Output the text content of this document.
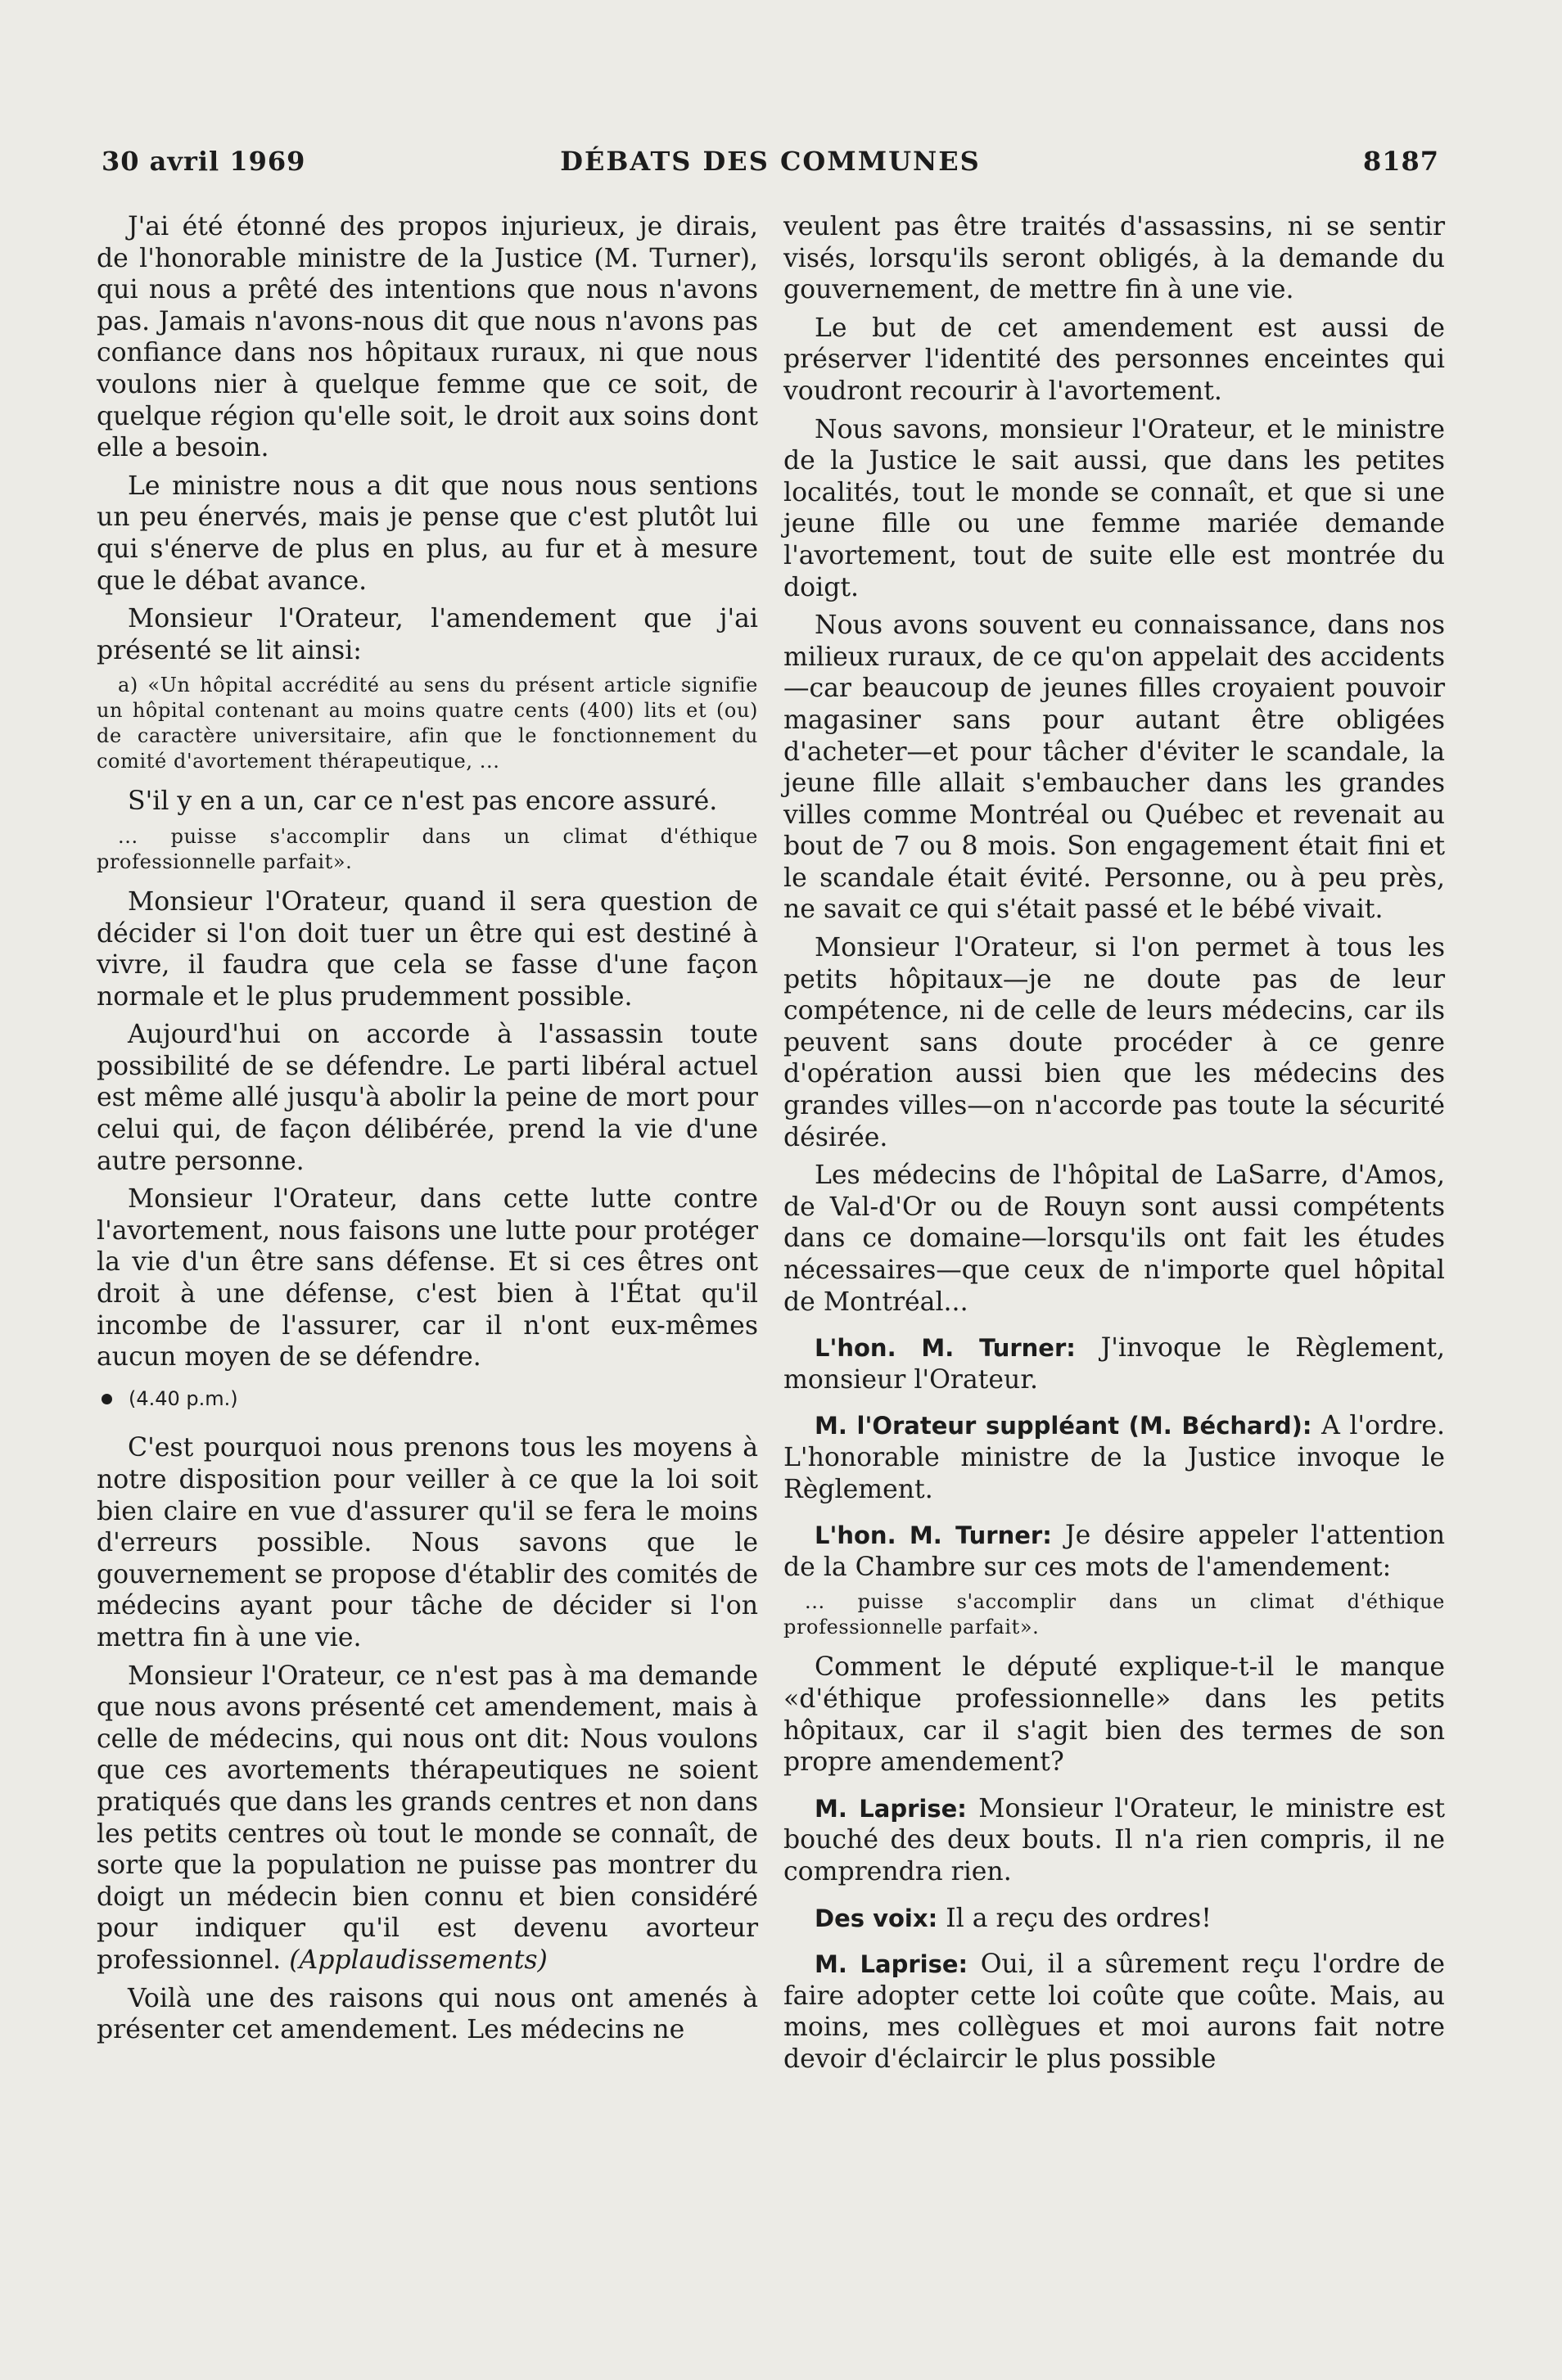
30 avril 1969	DÉBATS DES COMMUNES	8187

J'ai été étonné des propos injurieux, je dirais, de l'honorable ministre de la Justice (M. Turner), qui nous a prêté des intentions que nous n'avons pas. Jamais n'avons-nous dit que nous n'avons pas confiance dans nos hôpitaux ruraux, ni que nous voulons nier à quelque femme que ce soit, de quelque région qu'elle soit, le droit aux soins dont elle a besoin.

Le ministre nous a dit que nous nous sentions un peu énervés, mais je pense que c'est plutôt lui qui s'énerve de plus en plus, au fur et à mesure que le débat avance.

Monsieur l'Orateur, l'amendement que j'ai présenté se lit ainsi:

a) «Un hôpital accrédité au sens du présent article signifie un hôpital contenant au moins quatre cents (400) lits et (ou) de caractère universitaire, afin que le fonctionnement du comité d'avortement thérapeutique, ...

S'il y en a un, car ce n'est pas encore assuré.

... puisse s'accomplir dans un climat d'éthique professionnelle parfait».

Monsieur l'Orateur, quand il sera question de décider si l'on doit tuer un être qui est destiné à vivre, il faudra que cela se fasse d'une façon normale et le plus prudemment possible.

Aujourd'hui on accorde à l'assassin toute possibilité de se défendre. Le parti libéral actuel est même allé jusqu'à abolir la peine de mort pour celui qui, de façon délibérée, prend la vie d'une autre personne.

Monsieur l'Orateur, dans cette lutte contre l'avortement, nous faisons une lutte pour protéger la vie d'un être sans défense. Et si ces êtres ont droit à une défense, c'est bien à l'État qu'il incombe de l'assurer, car il n'ont eux-mêmes aucun moyen de se défendre.

(4.40 p.m.)

C'est pourquoi nous prenons tous les moyens à notre disposition pour veiller à ce que la loi soit bien claire en vue d'assurer qu'il se fera le moins d'erreurs possible. Nous savons que le gouvernement se propose d'établir des comités de médecins ayant pour tâche de décider si l'on mettra fin à une vie.

Monsieur l'Orateur, ce n'est pas à ma demande que nous avons présenté cet amendement, mais à celle de médecins, qui nous ont dit: Nous voulons que ces avortements thérapeutiques ne soient pratiqués que dans les grands centres et non dans les petits centres où tout le monde se connaît, de sorte que la population ne puisse pas montrer du doigt un médecin bien connu et bien considéré pour indiquer qu'il est devenu avorteur professionnel. (Applaudissements)

Voilà une des raisons qui nous ont amenés à présenter cet amendement. Les médecins ne

veulent pas être traités d'assassins, ni se sentir visés, lorsqu'ils seront obligés, à la demande du gouvernement, de mettre fin à une vie.

Le but de cet amendement est aussi de préserver l'identité des personnes enceintes qui voudront recourir à l'avortement.

Nous savons, monsieur l'Orateur, et le ministre de la Justice le sait aussi, que dans les petites localités, tout le monde se connaît, et que si une jeune fille ou une femme mariée demande l'avortement, tout de suite elle est montrée du doigt.

Nous avons souvent eu connaissance, dans nos milieux ruraux, de ce qu'on appelait des accidents—car beaucoup de jeunes filles croyaient pouvoir magasiner sans pour autant être obligées d'acheter—et pour tâcher d'éviter le scandale, la jeune fille allait s'embaucher dans les grandes villes comme Montréal ou Québec et revenait au bout de 7 ou 8 mois. Son engagement était fini et le scandale était évité. Personne, ou à peu près, ne savait ce qui s'était passé et le bébé vivait.

Monsieur l'Orateur, si l'on permet à tous les petits hôpitaux—je ne doute pas de leur compétence, ni de celle de leurs médecins, car ils peuvent sans doute procéder à ce genre d'opération aussi bien que les médecins des grandes villes—on n'accorde pas toute la sécurité désirée.

Les médecins de l'hôpital de LaSarre, d'Amos, de Val-d'Or ou de Rouyn sont aussi compétents dans ce domaine—lorsqu'ils ont fait les études nécessaires—que ceux de n'importe quel hôpital de Montréal...

L'hon. M. Turner: J'invoque le Règlement, monsieur l'Orateur.

M. l'Orateur suppléant (M. Béchard): A l'ordre. L'honorable ministre de la Justice invoque le Règlement.

L'hon. M. Turner: Je désire appeler l'attention de la Chambre sur ces mots de l'amendement:

... puisse s'accomplir dans un climat d'éthique professionnelle parfait».

Comment le député explique-t-il le manque «d'éthique professionnelle» dans les petits hôpitaux, car il s'agit bien des termes de son propre amendement?

M. Laprise: Monsieur l'Orateur, le ministre est bouché des deux bouts. Il n'a rien compris, il ne comprendra rien.

Des voix: Il a reçu des ordres!

M. Laprise: Oui, il a sûrement reçu l'ordre de faire adopter cette loi coûte que coûte. Mais, au moins, mes collègues et moi aurons fait notre devoir d'éclaircir le plus possible
